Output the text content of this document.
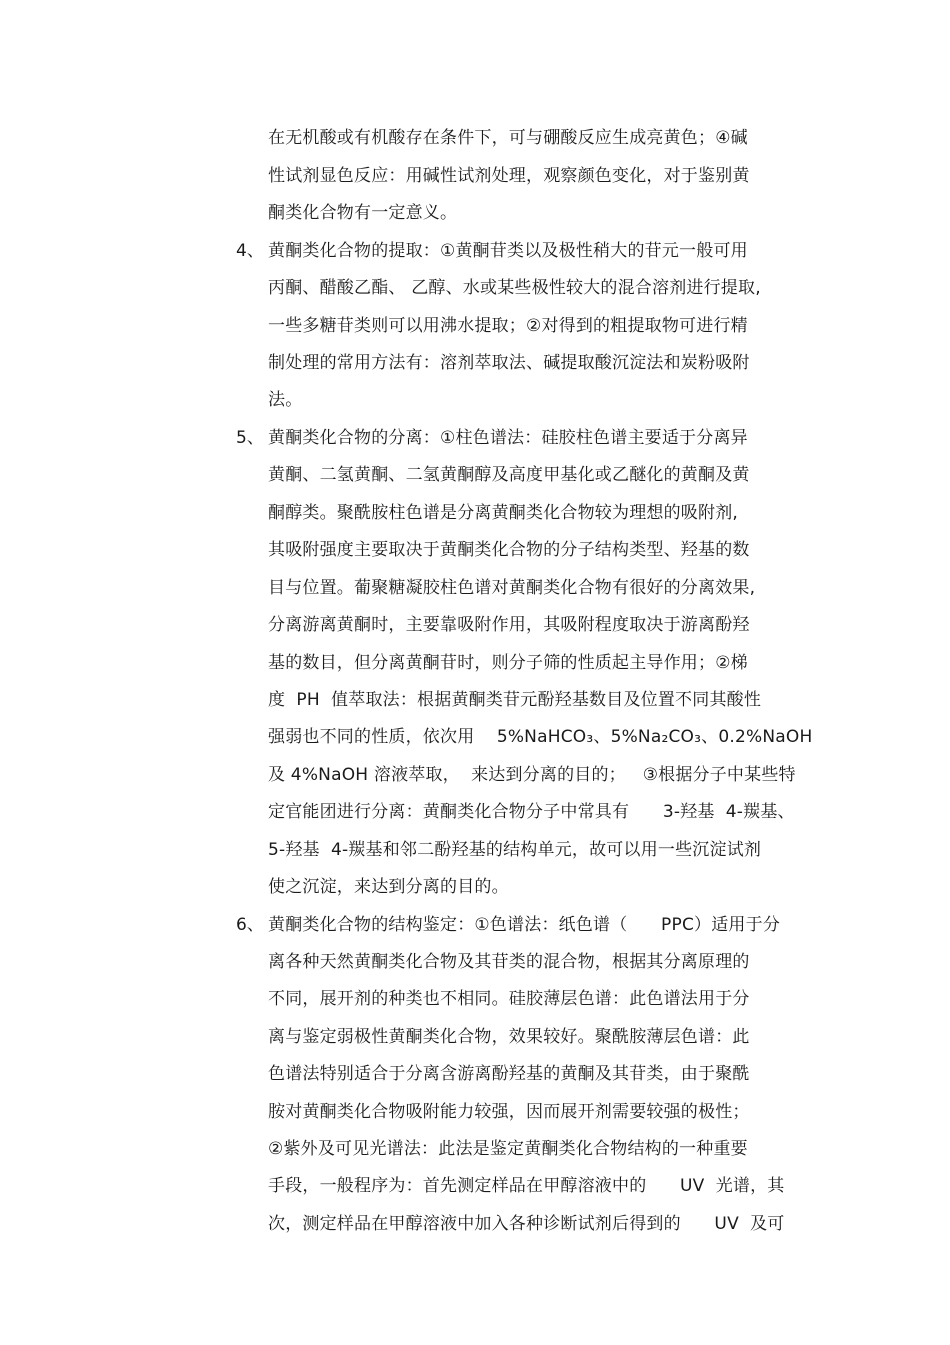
在无机酸或有机酸存在条件下，可与硼酸反应生成亮黄色；④碱
性试剂显色反应：用碱性试剂处理，观察颜色变化，对于鉴别黄
酮类化合物有一定意义。
4、 黄酮类化合物的提取：①黄酮苷类以及极性稍大的苷元一般可用
丙酮、醋酸乙酯、 乙醇、水或某些极性较大的混合溶剂进行提取,
一些多糖苷类则可以用沸水提取；②对得到的粗提取物可进行精
制处理的常用方法有：溶剂萃取法、碱提取酸沉淀法和炭粉吸附
法。
5、 黄酮类化合物的分离：①柱色谱法：硅胶柱色谱主要适于分离异
黄酮、二氢黄酮、二氢黄酮醇及高度甲基化或乙醚化的黄酮及黄
酮醇类。聚酰胺柱色谱是分离黄酮类化合物较为理想的吸附剂,
其吸附强度主要取决于黄酮类化合物的分子结构类型、羟基的数
目与位置。葡聚糖凝胶柱色谱对黄酮类化合物有很好的分离效果,
分离游离黄酮时，主要靠吸附作用，其吸附程度取决于游离酚羟
基的数目，但分离黄酮苷时，则分子筛的性质起主导作用；②梯
度  PH  值萃取法：根据黄酮类苷元酚羟基数目及位置不同其酸性
强弱也不同的性质，依次用    5%NaHCO₃、5%Na₂CO₃、0.2%NaOH
及 4%NaOH 溶液萃取，  来达到分离的目的；   ③根据分子中某些特
定官能团进行分离：黄酮类化合物分子中常具有      3-羟基  4-羰基、
5-羟基  4-羰基和邻二酚羟基的结构单元，故可以用一些沉淀试剂
使之沉淀，来达到分离的目的。
6、 黄酮类化合物的结构鉴定：①色谱法：纸色谱（      PPC）适用于分
离各种天然黄酮类化合物及其苷类的混合物，根据其分离原理的
不同，展开剂的种类也不相同。硅胶薄层色谱：此色谱法用于分
离与鉴定弱极性黄酮类化合物，效果较好。聚酰胺薄层色谱：此
色谱法特别适合于分离含游离酚羟基的黄酮及其苷类，由于聚酰
胺对黄酮类化合物吸附能力较强，因而展开剂需要较强的极性；
②紫外及可见光谱法：此法是鉴定黄酮类化合物结构的一种重要
手段，一般程序为：首先测定样品在甲醇溶液中的      UV  光谱，其
次，测定样品在甲醇溶液中加入各种诊断试剂后得到的      UV  及可
